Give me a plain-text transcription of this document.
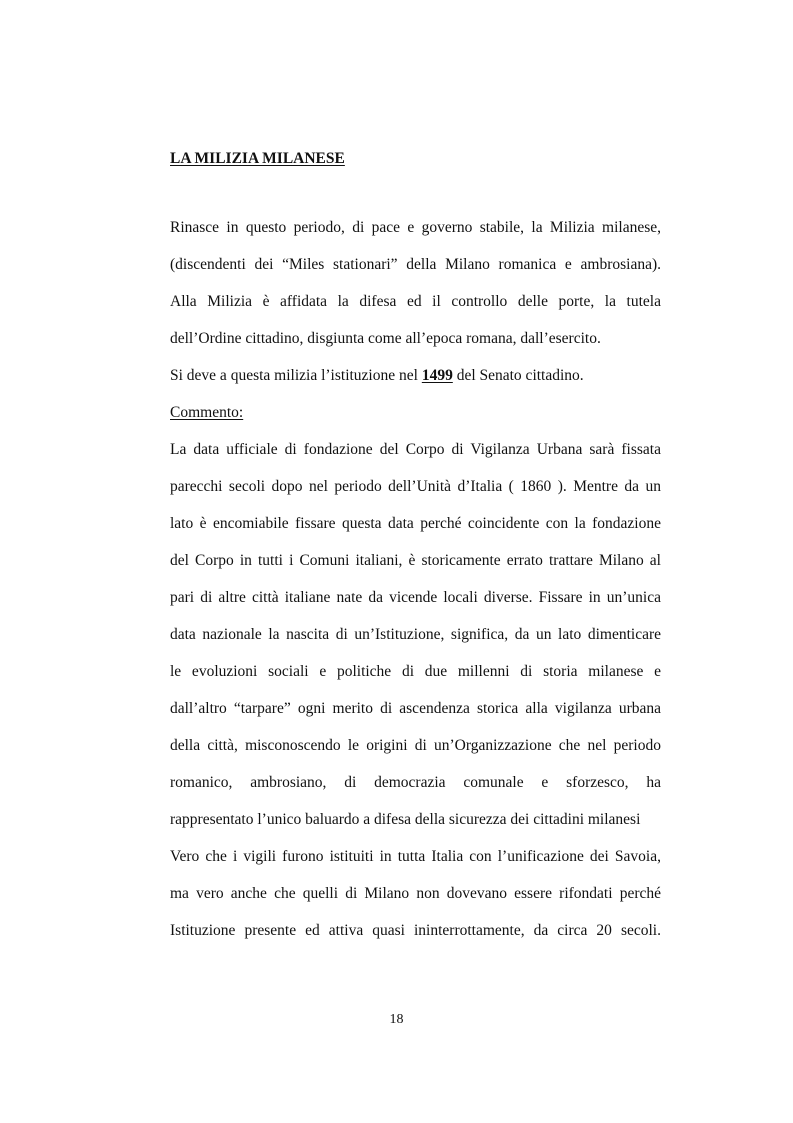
LA MILIZIA MILANESE
Rinasce in questo periodo, di pace e governo stabile, la Milizia milanese,
(discendenti dei “Miles stationari” della Milano romanica e ambrosiana).
Alla Milizia è affidata la difesa ed il controllo delle porte, la tutela
dell’Ordine cittadino, disgiunta come all’epoca romana, dall’esercito.
Si deve a questa milizia l’istituzione nel 1499 del Senato cittadino.
Commento:
La data ufficiale di fondazione del Corpo di Vigilanza Urbana sarà fissata
parecchi secoli dopo nel periodo dell’Unità d’Italia ( 1860 ). Mentre da un
lato è encomiabile fissare questa data perché coincidente con la fondazione
del Corpo in tutti i Comuni italiani, è storicamente errato trattare Milano al
pari di altre città italiane nate da vicende locali diverse. Fissare in un’unica
data nazionale la nascita di un’Istituzione, significa, da un lato dimenticare
le evoluzioni sociali e politiche di due millenni di storia milanese e
dall’altro “tarpare” ogni merito di ascendenza storica alla vigilanza urbana
della città, misconoscendo le origini di un’Organizzazione che nel periodo
romanico, ambrosiano, di democrazia comunale e sforzesco, ha
rappresentato l’unico baluardo a difesa della sicurezza dei cittadini milanesi
Vero che i vigili furono istituiti in tutta Italia con l’unificazione dei Savoia,
ma vero anche che quelli di Milano non dovevano essere rifondati perché
Istituzione presente ed attiva quasi ininterrottamente, da circa 20 secoli.
18
